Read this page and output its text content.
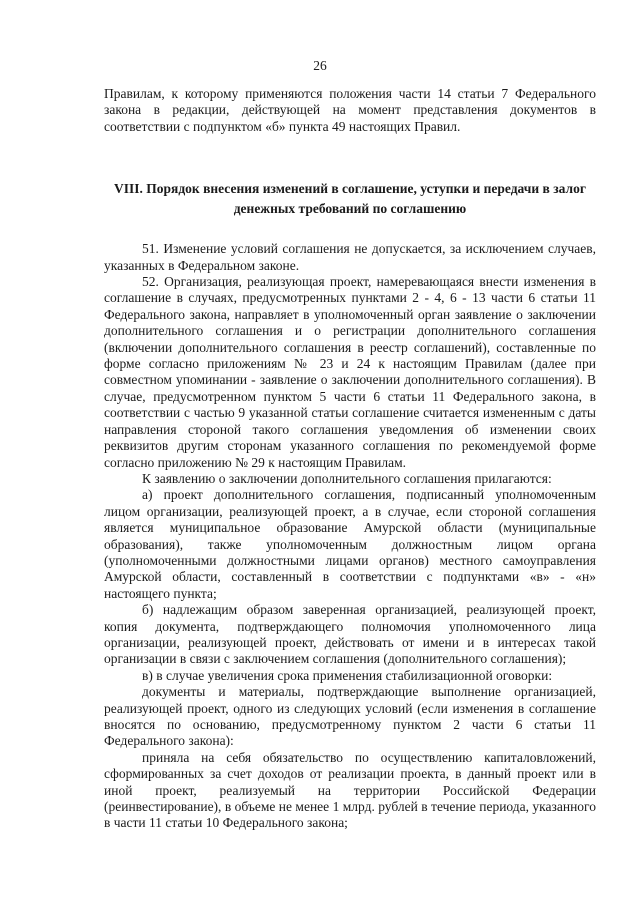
26

Правилам, к которому применяются положения части 14 статьи 7 Федерального закона в редакции, действующей на момент представления документов в соответствии с подпунктом «б» пункта 49 настоящих Правил.

VIII. Порядок внесения изменений в соглашение, уступки и передачи в залог денежных требований по соглашению

51. Изменение условий соглашения не допускается, за исключением случаев, указанных в Федеральном законе.

52. Организация, реализующая проект, намеревающаяся внести изменения в соглашение в случаях, предусмотренных пунктами 2 - 4, 6 - 13 части 6 статьи 11 Федерального закона, направляет в уполномоченный орган заявление о заключении дополнительного соглашения и о регистрации дополнительного соглашения (включении дополнительного соглашения в реестр соглашений), составленные по форме согласно приложениям № 23 и 24 к настоящим Правилам (далее при совместном упоминании - заявление о заключении дополнительного соглашения). В случае, предусмотренном пунктом 5 части 6 статьи 11 Федерального закона, в соответствии с частью 9 указанной статьи соглашение считается измененным с даты направления стороной такого соглашения уведомления об изменении своих реквизитов другим сторонам указанного соглашения по рекомендуемой форме согласно приложению № 29 к настоящим Правилам.

К заявлению о заключении дополнительного соглашения прилагаются:

а) проект дополнительного соглашения, подписанный уполномоченным лицом организации, реализующей проект, а в случае, если стороной соглашения является муниципальное образование Амурской области (муниципальные образования), также уполномоченным должностным лицом органа (уполномоченными должностными лицами органов) местного самоуправления Амурской области, составленный в соответствии с подпунктами «в» - «н» настоящего пункта;

б) надлежащим образом заверенная организацией, реализующей проект, копия документа, подтверждающего полномочия уполномоченного лица организации, реализующей проект, действовать от имени и в интересах такой организации в связи с заключением соглашения (дополнительного соглашения);

в) в случае увеличения срока применения стабилизационной оговорки:

документы и материалы, подтверждающие выполнение организацией, реализующей проект, одного из следующих условий (если изменения в соглашение вносятся по основанию, предусмотренному пунктом 2 части 6 статьи 11 Федерального закона):

приняла на себя обязательство по осуществлению капиталовложений, сформированных за счет доходов от реализации проекта, в данный проект или в иной проект, реализуемый на территории Российской Федерации (реинвестирование), в объеме не менее 1 млрд. рублей в течение периода, указанного в части 11 статьи 10 Федерального закона;
